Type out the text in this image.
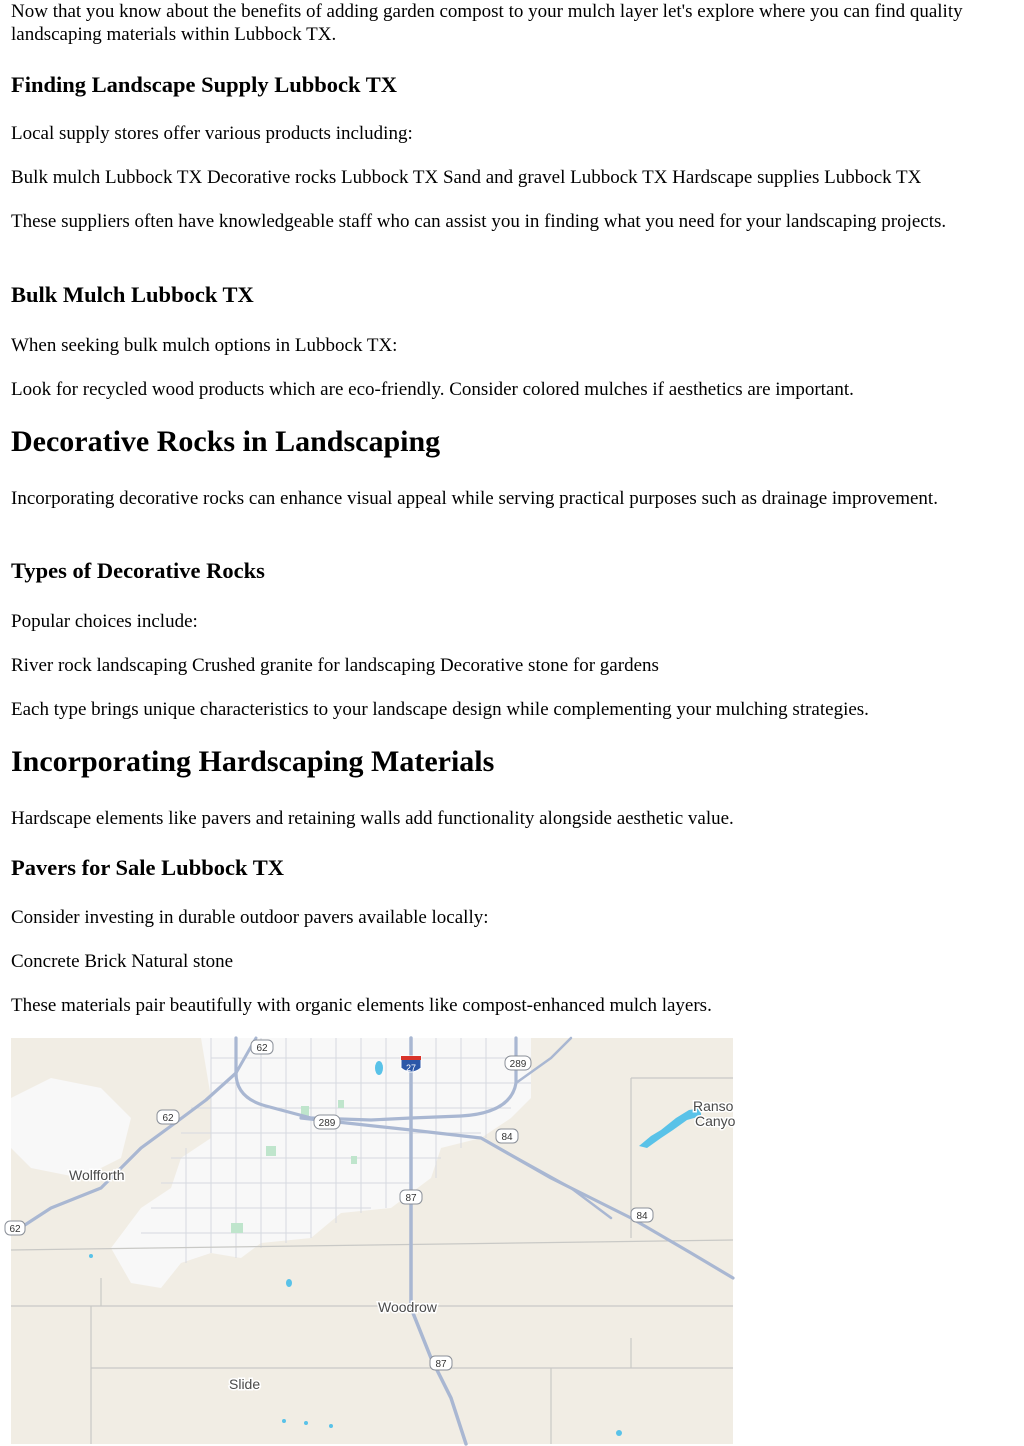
Now that you know about the benefits of adding garden compost to your mulch layer let's explore where you can find quality landscaping materials within Lubbock TX.

Finding Landscape Supply Lubbock TX

Local supply stores offer various products including:

Bulk mulch Lubbock TX Decorative rocks Lubbock TX Sand and gravel Lubbock TX Hardscape supplies Lubbock TX

These suppliers often have knowledgeable staff who can assist you in finding what you need for your landscaping projects.

Bulk Mulch Lubbock TX

When seeking bulk mulch options in Lubbock TX:

Look for recycled wood products which are eco-friendly. Consider colored mulches if aesthetics are important.

Decorative Rocks in Landscaping

Incorporating decorative rocks can enhance visual appeal while serving practical purposes such as drainage improvement.

Types of Decorative Rocks

Popular choices include:

River rock landscaping Crushed granite for landscaping Decorative stone for gardens

Each type brings unique characteristics to your landscape design while complementing your mulching strategies.

Incorporating Hardscaping Materials

Hardscape elements like pavers and retaining walls add functionality alongside aesthetic value.

Pavers for Sale Lubbock TX

Consider investing in durable outdoor pavers available locally:

Concrete Brick Natural stone

These materials pair beautifully with organic elements like compost-enhanced mulch layers.

62
27	289
62	289
84
87
84
62
87
Wolfforth
Woodrow
Slide
Ranso
Canyo
